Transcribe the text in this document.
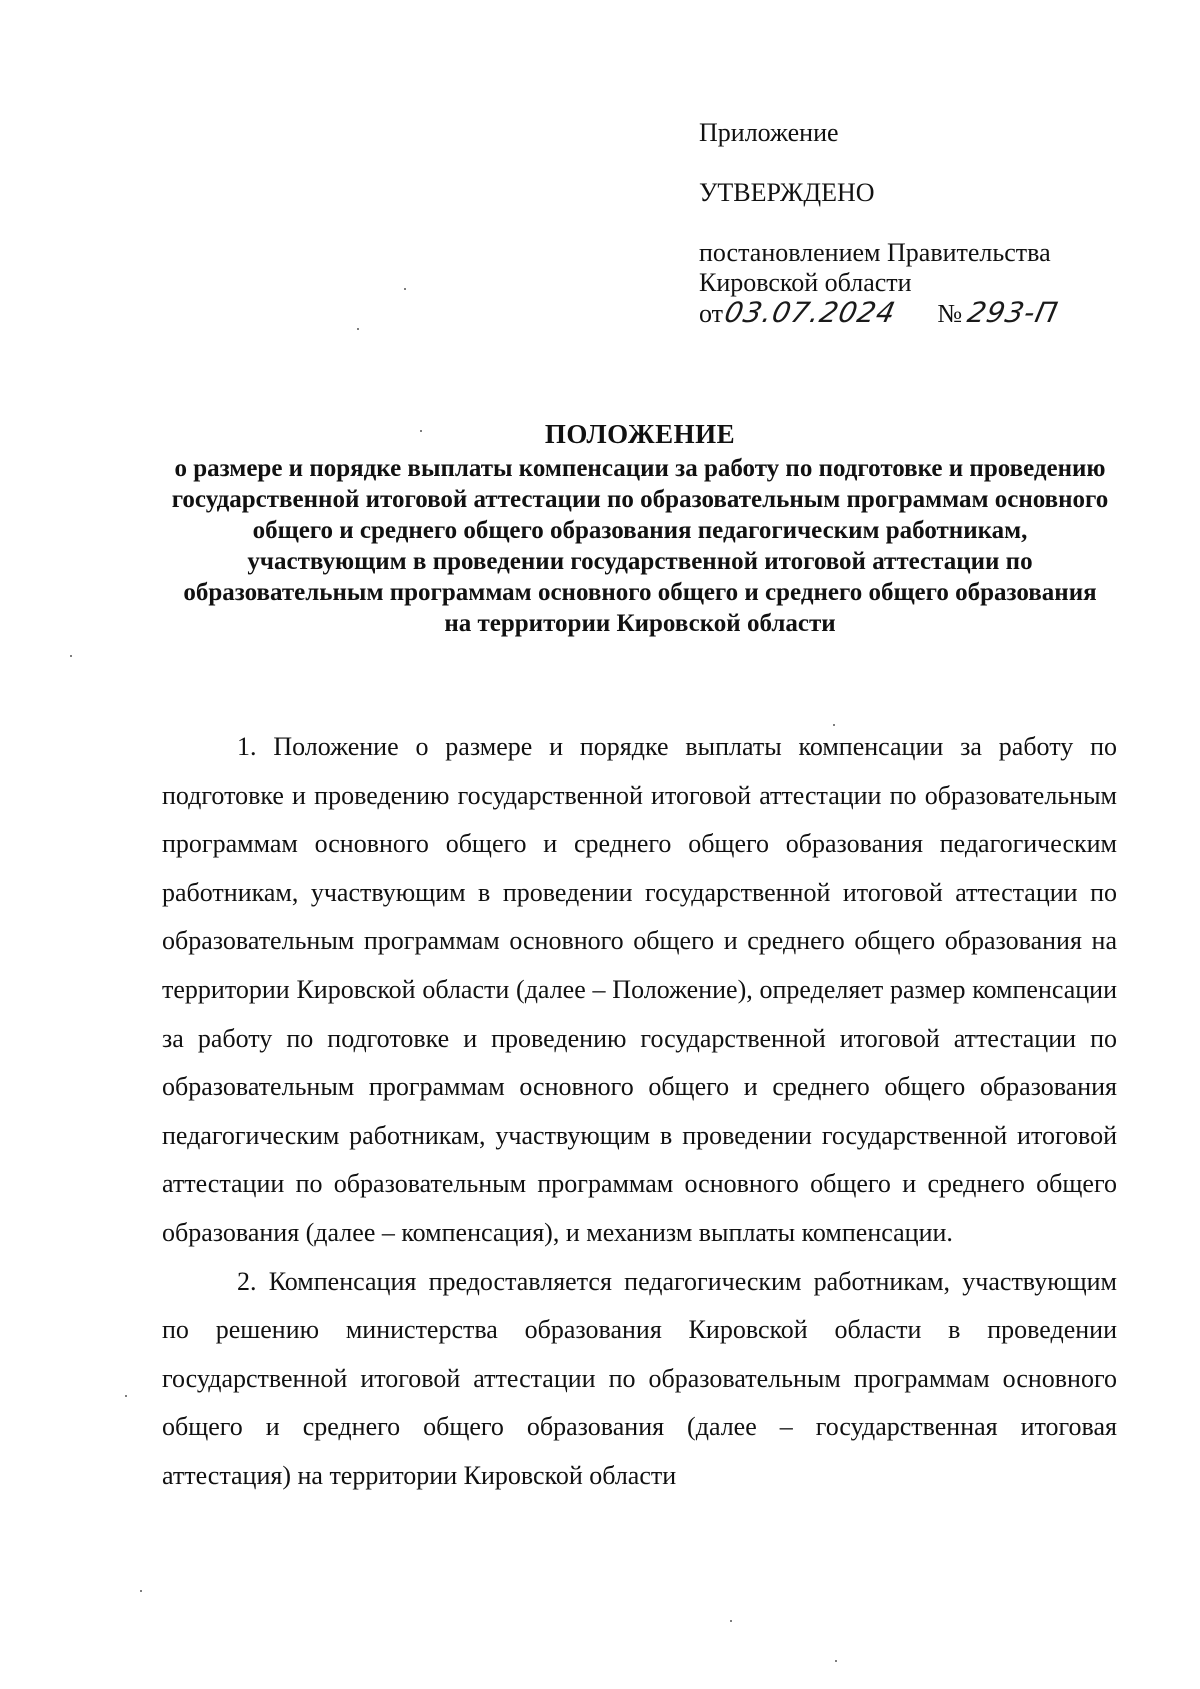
Приложение
УТВЕРЖДЕНО
постановлением Правительства
Кировской области
от
03.07.2024 № 293-П
ПОЛОЖЕНИЕ
о размере и порядке выплаты компенсации за работу по подготовке и проведению государственной итоговой аттестации по образовательным программам основного общего и среднего общего образования педагогическим работникам, участвующим в проведении государственной итоговой аттестации по образовательным программам основного общего и среднего общего образования на территории Кировской области

1. Положение о размере и порядке выплаты компенсации за работу по подготовке и проведению государственной итоговой аттестации по образовательным программам основного общего и среднего общего образования педагогическим работникам, участвующим в проведении государственной итоговой аттестации по образовательным программам основного общего и среднего общего образования на территории Кировской области (далее – Положение), определяет размер компенсации за работу по подготовке и проведению государственной итоговой аттестации по образовательным программам основного общего и среднего общего образования педагогическим работникам, участвующим в проведении государственной итоговой аттестации по образовательным программам основного общего и среднего общего образования (далее – компенсация), и механизм выплаты компенсации.

2. Компенсация предоставляется педагогическим работникам, участвующим по решению министерства образования Кировской области в проведении государственной итоговой аттестации по образовательным программам основного общего и среднего общего образования (далее – государственная итоговая аттестация) на территории Кировской области
